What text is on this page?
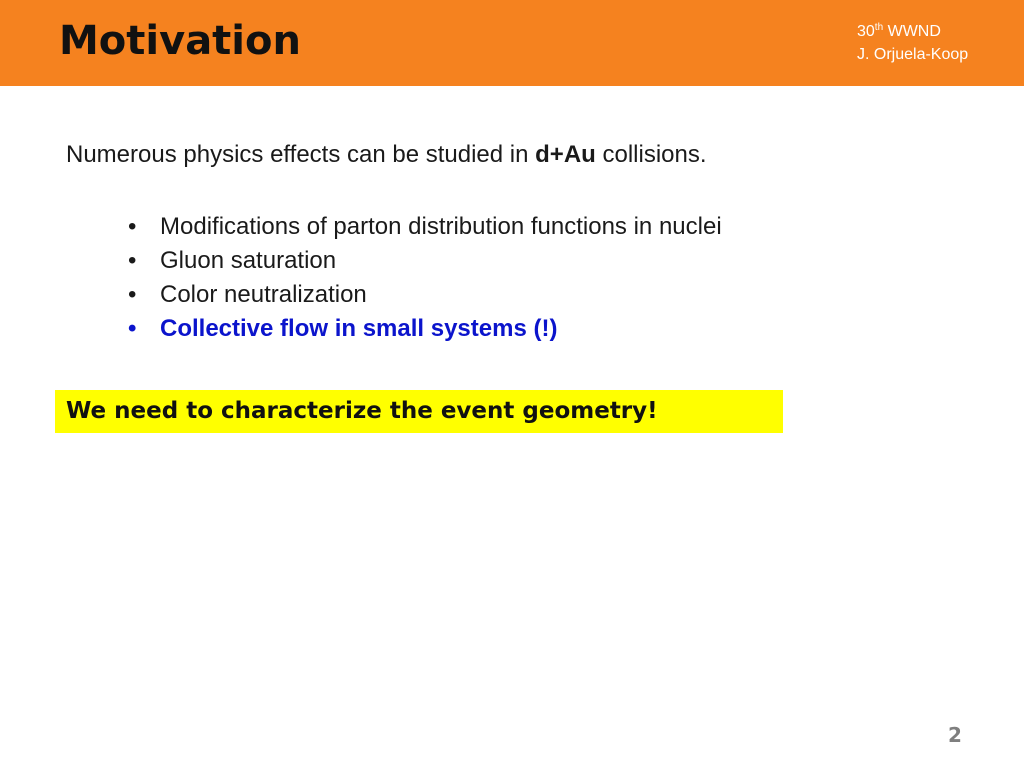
Motivation	30th WWND
J. Orjuela-Koop
Numerous physics effects can be studied in d+Au collisions.
• Modifications of parton distribution functions in nuclei
• Gluon saturation
• Color neutralization
• Collective flow in small systems (!)
We need to characterize the event geometry!
2
